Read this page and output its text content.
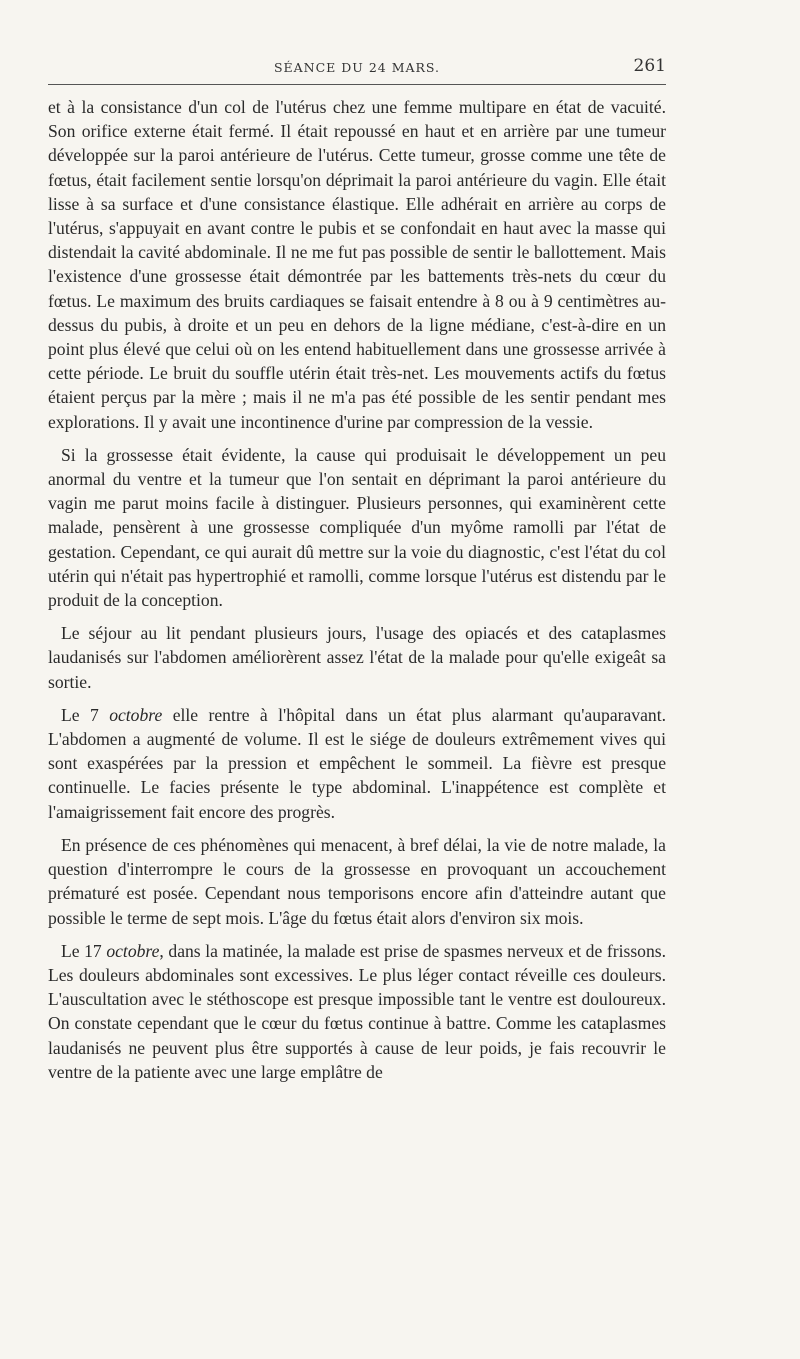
SÉANCE DU 24 MARS.	261

et à la consistance d'un col de l'utérus chez une femme multipare en état de vacuité. Son orifice externe était fermé. Il était repoussé en haut et en arrière par une tumeur développée sur la paroi antérieure de l'utérus. Cette tumeur, grosse comme une tête de fœtus, était facilement sentie lorsqu'on déprimait la paroi antérieure du vagin. Elle était lisse à sa surface et d'une consistance élastique. Elle adhérait en arrière au corps de l'utérus, s'appuyait en avant contre le pubis et se confondait en haut avec la masse qui distendait la cavité abdominale. Il ne me fut pas possible de sentir le ballottement. Mais l'existence d'une grossesse était démontrée par les battements très-nets du cœur du fœtus. Le maximum des bruits cardiaques se faisait entendre à 8 ou à 9 centimètres au-dessus du pubis, à droite et un peu en dehors de la ligne médiane, c'est-à-dire en un point plus élevé que celui où on les entend habituellement dans une grossesse arrivée à cette période. Le bruit du souffle utérin était très-net. Les mouvements actifs du fœtus étaient perçus par la mère ; mais il ne m'a pas été possible de les sentir pendant mes explorations. Il y avait une incontinence d'urine par compression de la vessie.

Si la grossesse était évidente, la cause qui produisait le développement un peu anormal du ventre et la tumeur que l'on sentait en déprimant la paroi antérieure du vagin me parut moins facile à distinguer. Plusieurs personnes, qui examinèrent cette malade, pensèrent à une grossesse compliquée d'un myôme ramolli par l'état de gestation. Cependant, ce qui aurait dû mettre sur la voie du diagnostic, c'est l'état du col utérin qui n'était pas hypertrophié et ramolli, comme lorsque l'utérus est distendu par le produit de la conception.

Le séjour au lit pendant plusieurs jours, l'usage des opiacés et des cataplasmes laudanisés sur l'abdomen améliorèrent assez l'état de la malade pour qu'elle exigeât sa sortie.

Le 7 octobre elle rentre à l'hôpital dans un état plus alarmant qu'auparavant. L'abdomen a augmenté de volume. Il est le siége de douleurs extrêmement vives qui sont exaspérées par la pression et empêchent le sommeil. La fièvre est presque continuelle. Le facies présente le type abdominal. L'inappétence est complète et l'amaigrissement fait encore des progrès.

En présence de ces phénomènes qui menacent, à bref délai, la vie de notre malade, la question d'interrompre le cours de la grossesse en provoquant un accouchement prématuré est posée. Cependant nous temporisons encore afin d'atteindre autant que possible le terme de sept mois. L'âge du fœtus était alors d'environ six mois.

Le 17 octobre, dans la matinée, la malade est prise de spasmes nerveux et de frissons. Les douleurs abdominales sont excessives. Le plus léger contact réveille ces douleurs. L'auscultation avec le stéthoscope est presque impossible tant le ventre est douloureux. On constate cependant que le cœur du fœtus continue à battre. Comme les cataplasmes laudanisés ne peuvent plus être supportés à cause de leur poids, je fais recouvrir le ventre de la patiente avec une large emplâtre de
